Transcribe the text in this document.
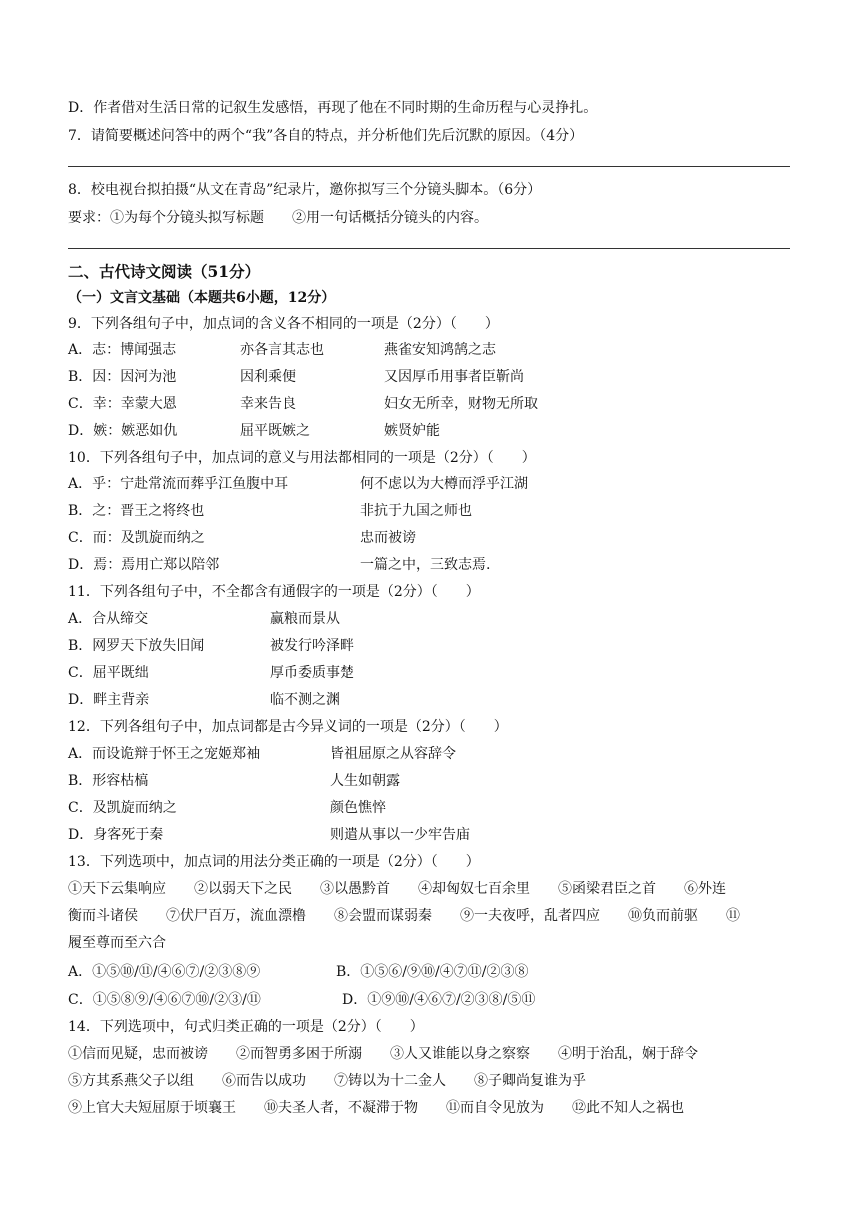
D．作者借对生活日常的记叙生发感悟，再现了他在不同时期的生命历程与心灵挣扎。
7．请简要概述问答中的两个“我”各自的特点，并分析他们先后沉默的原因。（4分）
8．校电视台拟拍摄“从文在青岛”纪录片，邀你拟写三个分镜头脚本。（6分）
要求：①为每个分镜头拟写标题　　②用一句话概括分镜头的内容。
二、古代诗文阅读（51分）
（一）文言文基础（本题共6小题，12分）
9．下列各组句子中，加点词的含义各不相同的一项是（2分）（　　）
A．志：博闻强志	亦各言其志也	燕雀安知鸿鹄之志
B．因：因河为池	因利乘便	又因厚币用事者臣靳尚
C．幸：幸蒙大恩	幸来告良	妇女无所幸，财物无所取
D．嫉：嫉恶如仇	屈平既嫉之	嫉贤妒能
10．下列各组句子中，加点词的意义与用法都相同的一项是（2分）（　　）
A．乎：宁赴常流而葬乎江鱼腹中耳	何不虑以为大樽而浮乎江湖
B．之：晋王之将终也	非抗于九国之师也
C．而：及凯旋而纳之	忠而被谤
D．焉：焉用亡郑以陪邻	一篇之中，三致志焉.
11．下列各组句子中，不全都含有通假字的一项是（2分）（　　）
A．合从缔交	赢粮而景从
B．网罗天下放失旧闻	被发行吟泽畔
C．屈平既绌	厚币委质事楚
D．畔主背亲	临不测之渊
12．下列各组句子中，加点词都是古今异义词的一项是（2分）（　　）
A．而设诡辩于怀王之宠姬郑袖	皆祖屈原之从容辞令
B．形容枯槁	人生如朝露
C．及凯旋而纳之	颜色憔悴
D．身客死于秦	则遣从事以一少牢告庙
13．下列选项中，加点词的用法分类正确的一项是（2分）（　　）
①天下云集响应　　②以弱天下之民　　③以愚黔首　　④却匈奴七百余里　　⑤函梁君臣之首　　⑥外连
衡而斗诸侯　　⑦伏尸百万，流血漂橹　　⑧会盟而谋弱秦　　⑨一夫夜呼，乱者四应　　⑩负而前驱　　⑪
履至尊而至六合
A．①⑤⑩/⑪/④⑥⑦/②③⑧⑨	B．①⑤⑥/⑨⑩/④⑦⑪/②③⑧
C．①⑤⑧⑨/④⑥⑦⑩/②③/⑪	D．①⑨⑩/④⑥⑦/②③⑧/⑤⑪
14．下列选项中，句式归类正确的一项是（2分）（　　）
①信而见疑，忠而被谤　　②而智勇多困于所溺　　③人又谁能以身之察察　　④明于治乱，娴于辞令
⑤方其系燕父子以组　　⑥而告以成功　　⑦铸以为十二金人　　⑧子卿尚复谁为乎
⑨上官大夫短屈原于顷襄王　　⑩夫圣人者，不凝滞于物　　⑪而自令见放为　　⑫此不知人之祸也
